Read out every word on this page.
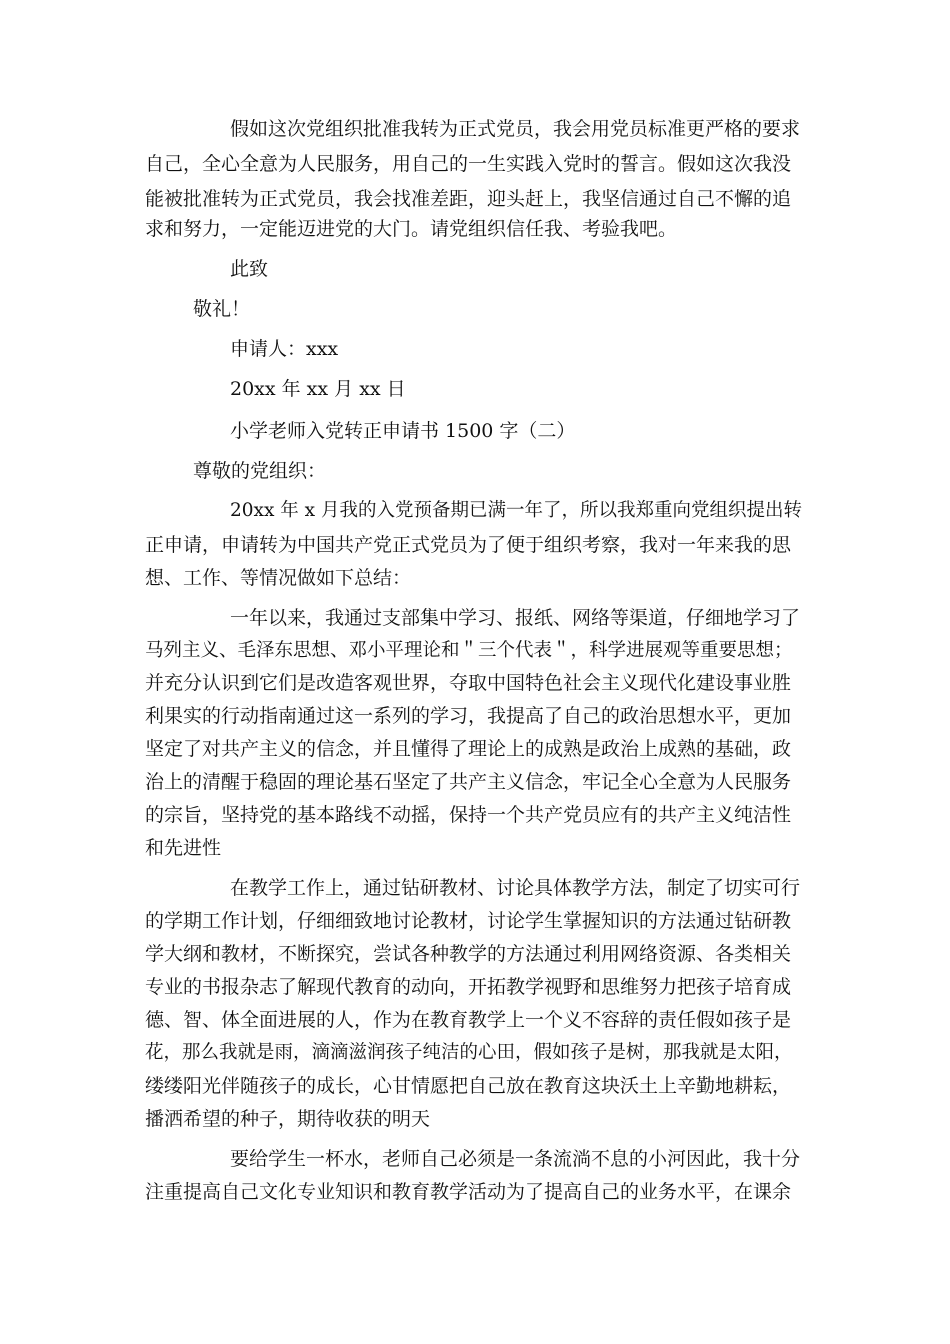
假如这次党组织批准我转为正式党员，我会用党员标准更严格的要求
自己，全心全意为人民服务，用自己的一生实践入党时的誓言。假如这次我没
能被批准转为正式党员，我会找准差距，迎头赶上，我坚信通过自己不懈的追
求和努力，一定能迈进党的大门。请党组织信任我、考验我吧。
此致
敬礼！
申请人：xxx
20xx 年 xx 月 xx 日
小学老师入党转正申请书 1500 字（二）
尊敬的党组织：
20xx 年 x 月我的入党预备期已满一年了，所以我郑重向党组织提出转
正申请，申请转为中国共产党正式党员为了便于组织考察，我对一年来我的思
想、工作、等情况做如下总结：
一年以来，我通过支部集中学习、报纸、网络等渠道，仔细地学习了
马列主义、毛泽东思想、邓小平理论和＂三个代表＂，科学进展观等重要思想；
并充分认识到它们是改造客观世界，夺取中国特色社会主义现代化建设事业胜
利果实的行动指南通过这一系列的学习，我提高了自己的政治思想水平，更加
坚定了对共产主义的信念，并且懂得了理论上的成熟是政治上成熟的基础，政
治上的清醒于稳固的理论基石坚定了共产主义信念，牢记全心全意为人民服务
的宗旨，坚持党的基本路线不动摇，保持一个共产党员应有的共产主义纯洁性
和先进性
在教学工作上，通过钻研教材、讨论具体教学方法，制定了切实可行
的学期工作计划，仔细细致地讨论教材，讨论学生掌握知识的方法通过钻研教
学大纲和教材，不断探究，尝试各种教学的方法通过利用网络资源、各类相关
专业的书报杂志了解现代教育的动向，开拓教学视野和思维努力把孩子培育成
德、智、体全面进展的人，作为在教育教学上一个义不容辞的责任假如孩子是
花，那么我就是雨，滴滴滋润孩子纯洁的心田，假如孩子是树，那我就是太阳，
缕缕阳光伴随孩子的成长，心甘情愿把自己放在教育这块沃土上辛勤地耕耘，
播洒希望的种子，期待收获的明天
要给学生一杯水，老师自己必须是一条流淌不息的小河因此，我十分
注重提高自己文化专业知识和教育教学活动为了提高自己的业务水平，在课余
